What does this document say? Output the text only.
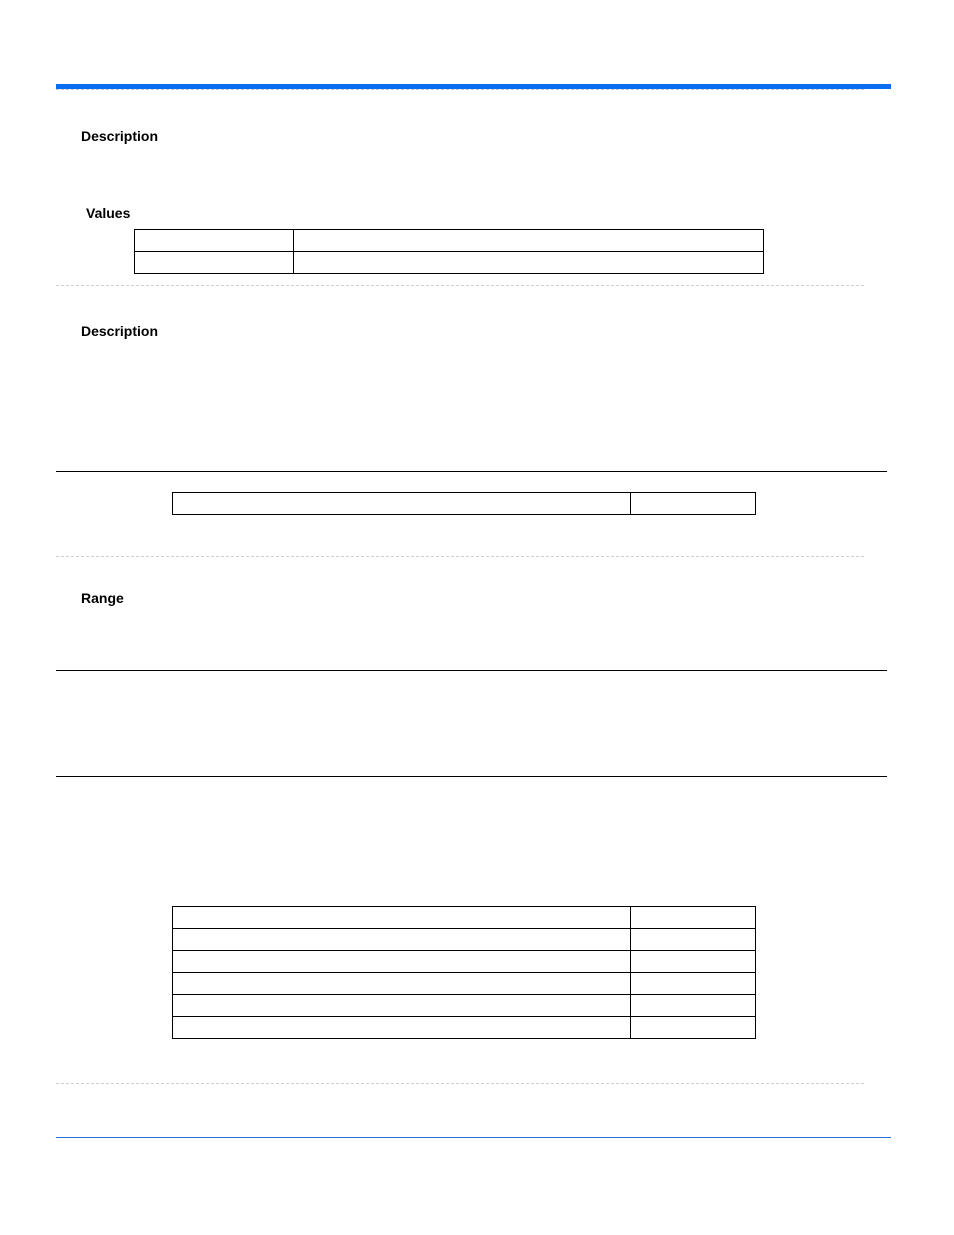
Description
Values

Description

Range
